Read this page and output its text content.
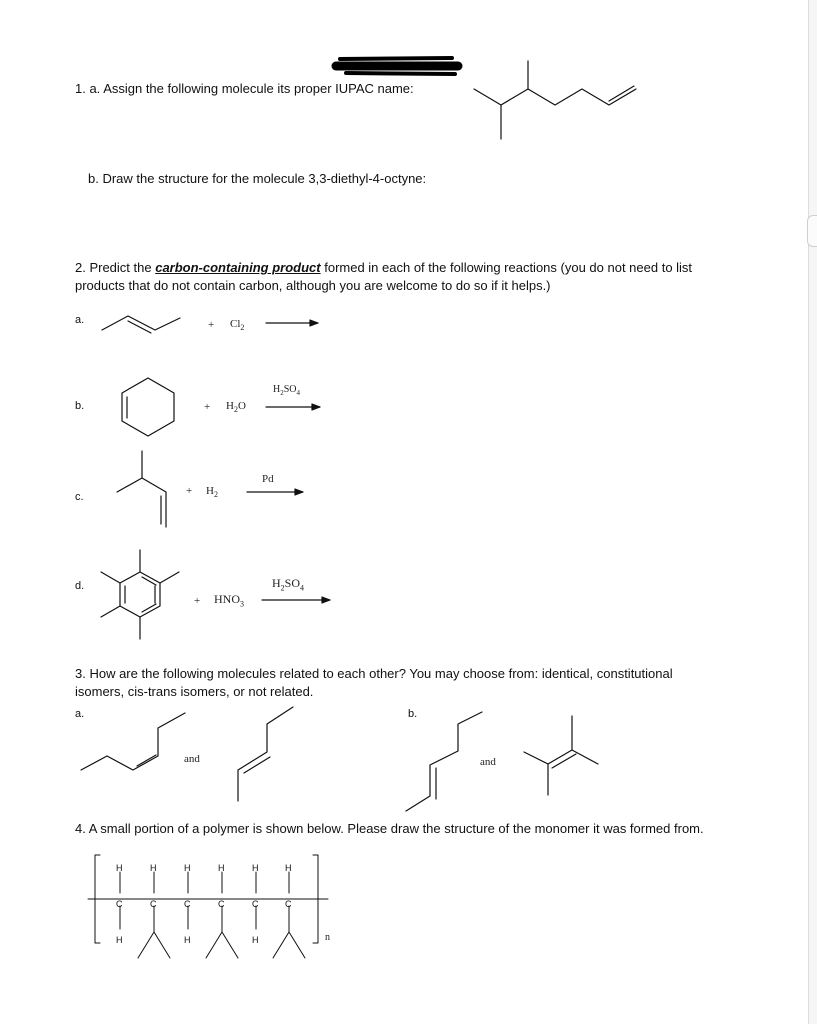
1. a. Assign the following molecule its proper IUPAC name:
b. Draw the structure for the molecule 3,3-diethyl-4-octyne:
2. Predict the carbon-containing product formed in each of the following reactions (you do not need to list
products that do not contain carbon, although you are welcome to do so if it helps.)
a.	+ $Cl_2$
b.	+ $H_2O$
$H_2SO_4$
c.	+ $H_2$
Pd
d.
+ $HNO_3$
$H_2SO_4$
3. How are the following molecules related to each other? You may choose from: identical, constitutional
isomers, cis-trans isomers, or not related.
a.	b.
and	and
4. A small portion of a polymer is shown below. Please draw the structure of the monomer it was formed from.
H	H	H	H	H	H
C	C	C	C	C	C
H	H	H	n
